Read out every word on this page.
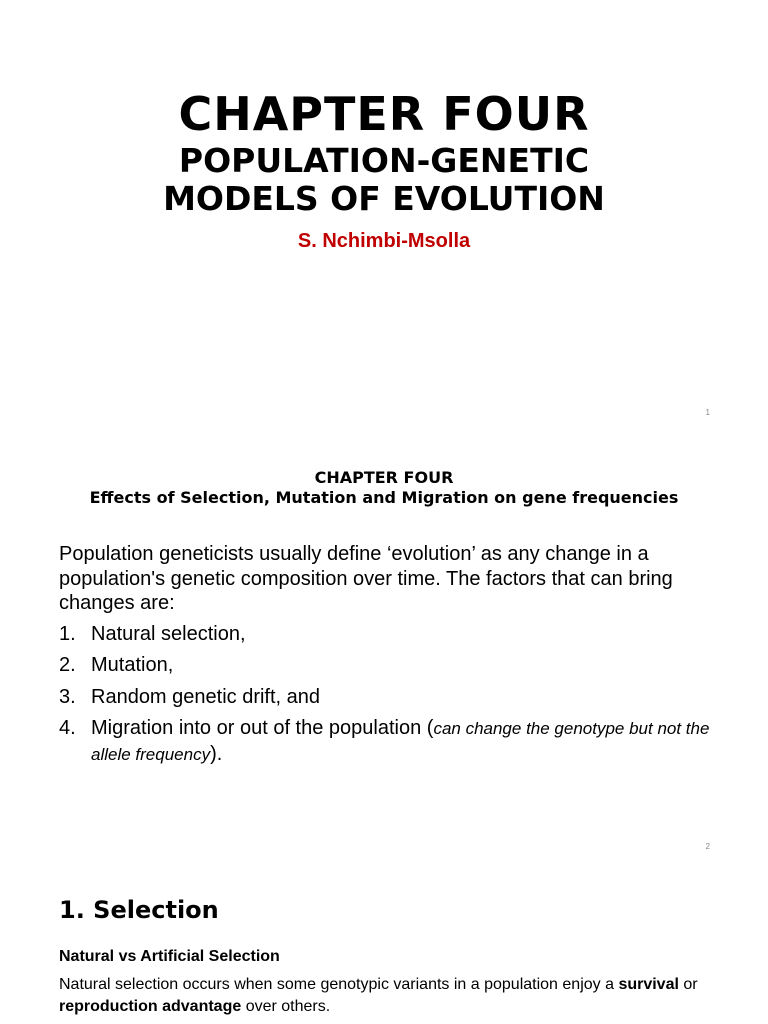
CHAPTER FOUR
POPULATION-GENETIC
MODELS OF EVOLUTION
S. Nchimbi-Msolla
1
CHAPTER FOUR
Effects of Selection, Mutation and Migration on gene frequencies
Population geneticists usually define ‘evolution’ as any change in a population's genetic composition over time. The factors that can bring changes are:
1. Natural selection,
2. Mutation,
3. Random genetic drift, and
4. Migration into or out of the population (can change the genotype but not the allele frequency).
2
1. Selection
Natural vs Artificial Selection
Natural selection occurs when some genotypic variants in a population enjoy a survival or reproduction advantage over others.
